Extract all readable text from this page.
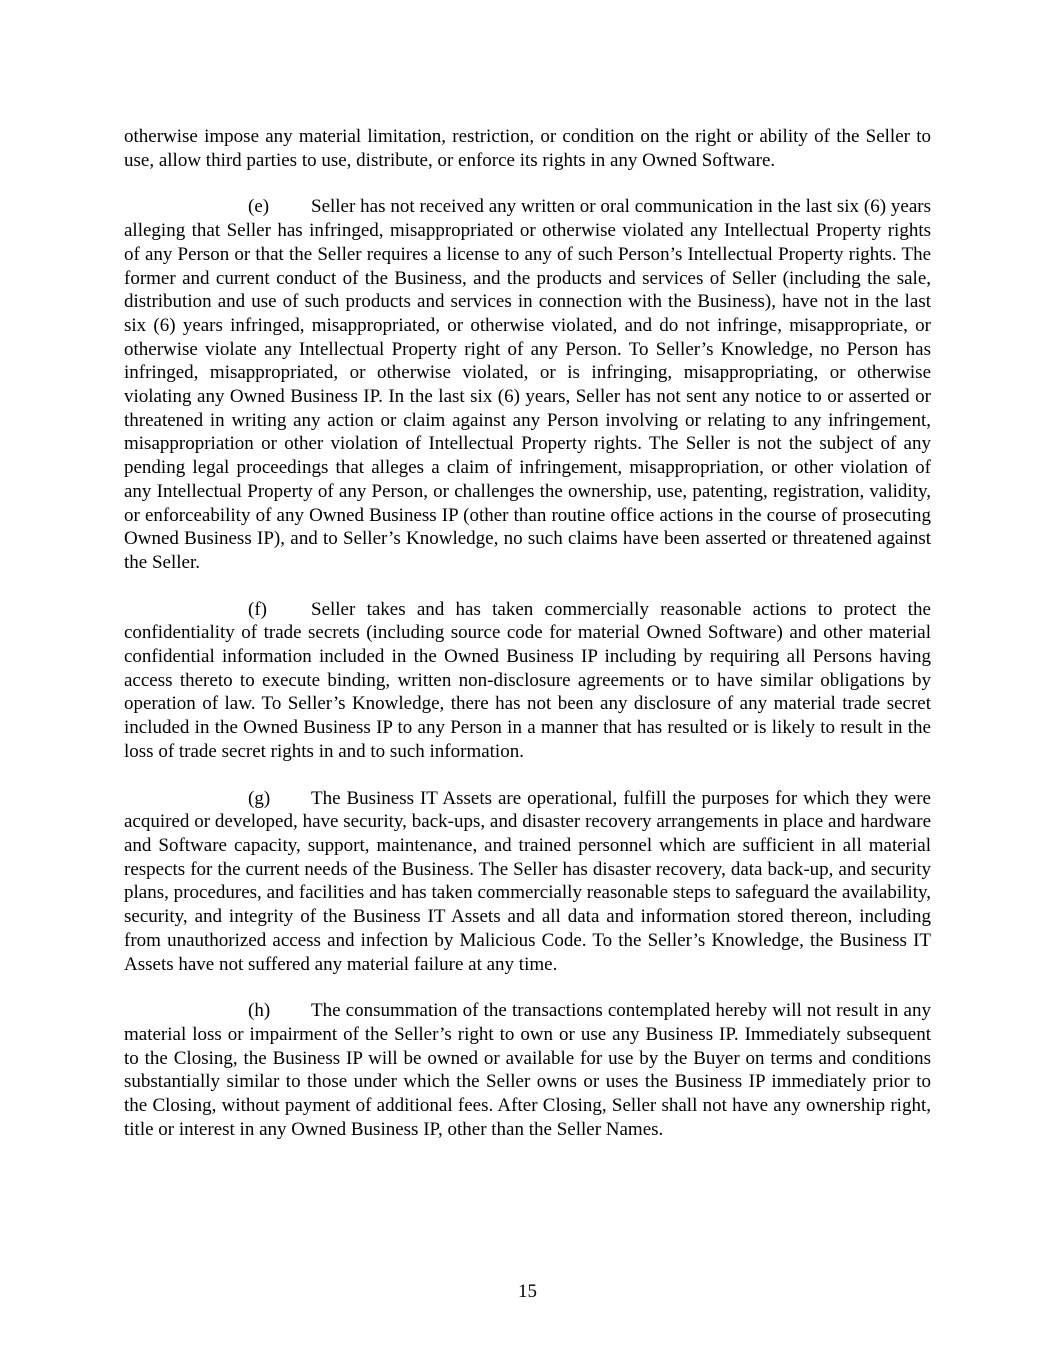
otherwise impose any material limitation, restriction, or condition on the right or ability of the Seller to use, allow third parties to use, distribute, or enforce its rights in any Owned Software.

(e) Seller has not received any written or oral communication in the last six (6) years alleging that Seller has infringed, misappropriated or otherwise violated any Intellectual Property rights of any Person or that the Seller requires a license to any of such Person’s Intellectual Property rights. The former and current conduct of the Business, and the products and services of Seller (including the sale, distribution and use of such products and services in connection with the Business), have not in the last six (6) years infringed, misappropriated, or otherwise violated, and do not infringe, misappropriate, or otherwise violate any Intellectual Property right of any Person. To Seller’s Knowledge, no Person has infringed, misappropriated, or otherwise violated, or is infringing, misappropriating, or otherwise violating any Owned Business IP. In the last six (6) years, Seller has not sent any notice to or asserted or threatened in writing any action or claim against any Person involving or relating to any infringement, misappropriation or other violation of Intellectual Property rights. The Seller is not the subject of any pending legal proceedings that alleges a claim of infringement, misappropriation, or other violation of any Intellectual Property of any Person, or challenges the ownership, use, patenting, registration, validity, or enforceability of any Owned Business IP (other than routine office actions in the course of prosecuting Owned Business IP), and to Seller’s Knowledge, no such claims have been asserted or threatened against the Seller.

(f) Seller takes and has taken commercially reasonable actions to protect the confidentiality of trade secrets (including source code for material Owned Software) and other material confidential information included in the Owned Business IP including by requiring all Persons having access thereto to execute binding, written non-disclosure agreements or to have similar obligations by operation of law. To Seller’s Knowledge, there has not been any disclosure of any material trade secret included in the Owned Business IP to any Person in a manner that has resulted or is likely to result in the loss of trade secret rights in and to such information.

(g) The Business IT Assets are operational, fulfill the purposes for which they were acquired or developed, have security, back-ups, and disaster recovery arrangements in place and hardware and Software capacity, support, maintenance, and trained personnel which are sufficient in all material respects for the current needs of the Business. The Seller has disaster recovery, data back-up, and security plans, procedures, and facilities and has taken commercially reasonable steps to safeguard the availability, security, and integrity of the Business IT Assets and all data and information stored thereon, including from unauthorized access and infection by Malicious Code. To the Seller’s Knowledge, the Business IT Assets have not suffered any material failure at any time.

(h) The consummation of the transactions contemplated hereby will not result in any material loss or impairment of the Seller’s right to own or use any Business IP. Immediately subsequent to the Closing, the Business IP will be owned or available for use by the Buyer on terms and conditions substantially similar to those under which the Seller owns or uses the Business IP immediately prior to the Closing, without payment of additional fees. After Closing, Seller shall not have any ownership right, title or interest in any Owned Business IP, other than the Seller Names.

15
